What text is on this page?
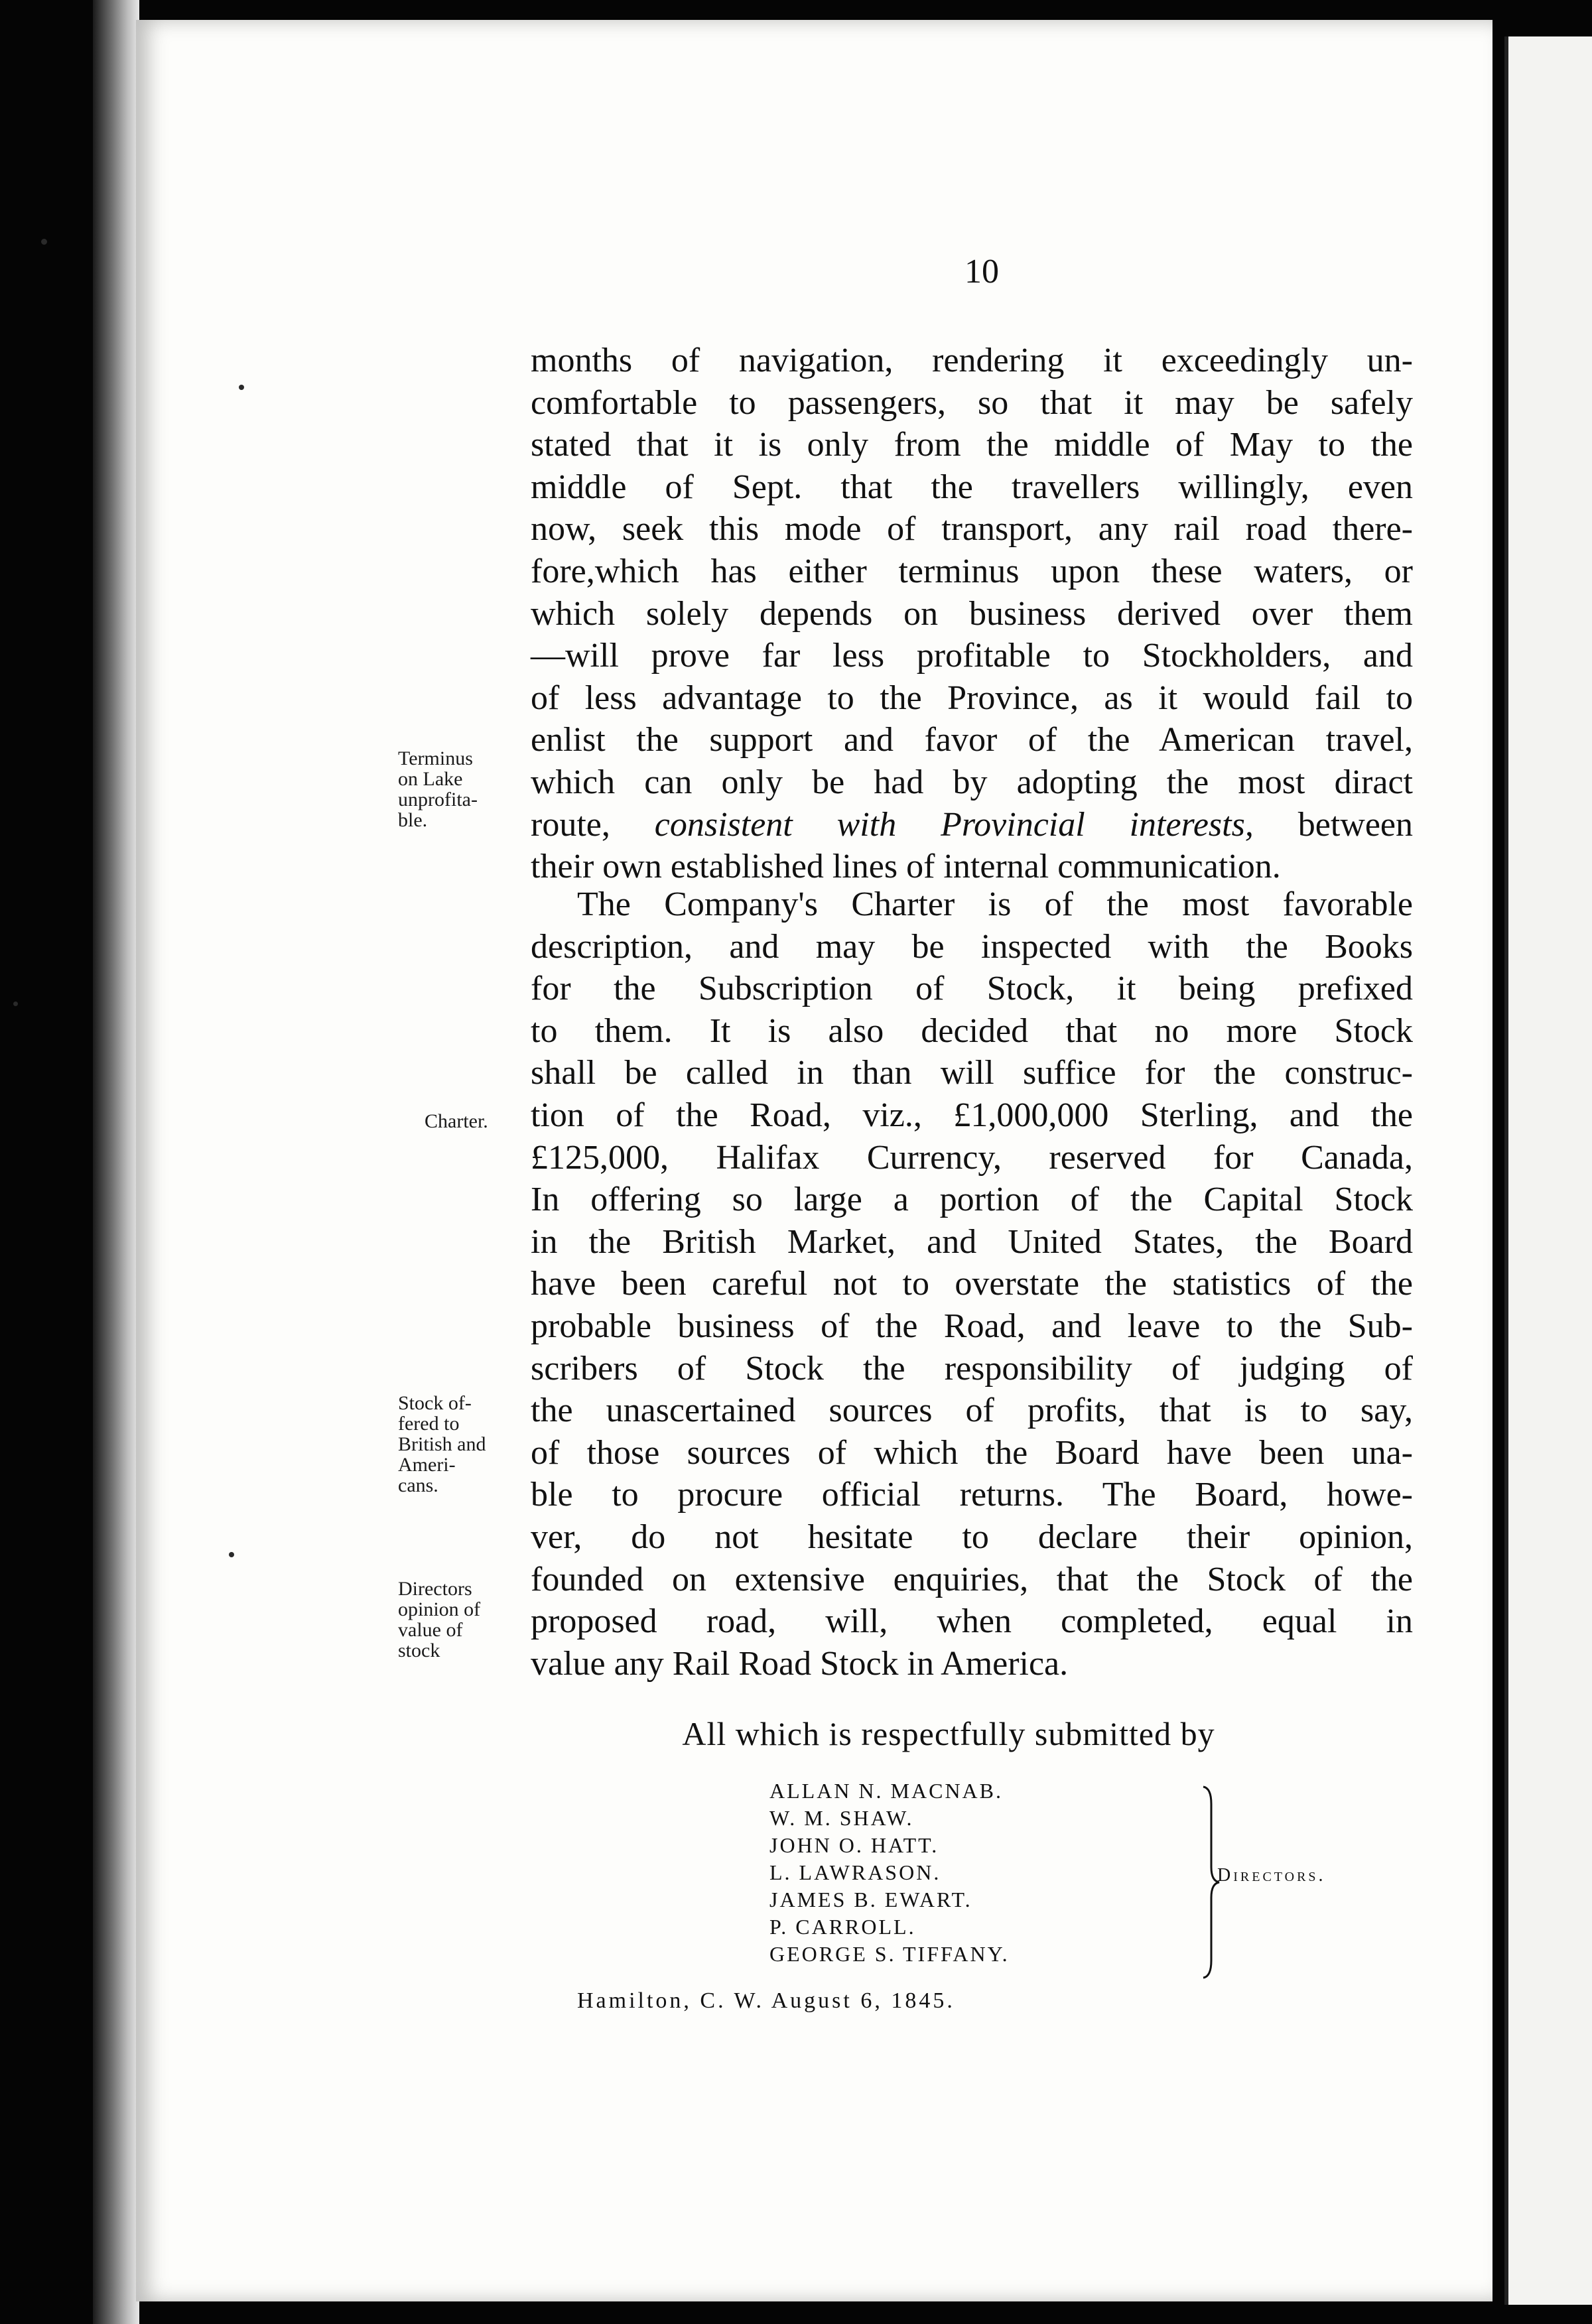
10
months of navigation, rendering it exceedingly un-
comfortable to passengers, so that it may be safely
stated that it is only from the middle of May to the
middle of Sept. that the travellers willingly, even
now, seek this mode of transport, any rail road there-
fore,which has either terminus upon these waters, or
which solely depends on business derived over them
—will prove far less profitable to Stockholders, and
of less advantage to the Province, as it would fail to
enlist the support and favor of the American travel,
which can only be had by adopting the most diract
route, consistent with Provincial interests, between
their own established lines of internal communication.
The Company's Charter is of the most favorable
description, and may be inspected with the Books
for the Subscription of Stock, it being prefixed
to them. It is also decided that no more Stock
shall be called in than will suffice for the construc-
tion of the Road, viz., £1,000,000 Sterling, and the
£125,000, Halifax Currency, reserved for Canada,
In offering so large a portion of the Capital Stock
in the British Market, and United States, the Board
have been careful not to overstate the statistics of the
probable business of the Road, and leave to the Sub-
scribers of Stock the responsibility of judging of
the unascertained sources of profits, that is to say,
of those sources of which the Board have been una-
ble to procure official returns. The Board, howe-
ver, do not hesitate to declare their opinion,
founded on extensive enquiries, that the Stock of the
proposed road, will, when completed, equal in
value any Rail Road Stock in America.
Terminus
on Lake
unprofita-
ble.
Charter.
Stock of-
fered to
British and
Ameri-
cans.
Directors
opinion of
value of
stock
All which is respectfully submitted by
ALLAN N. MACNAB.
W. M. SHAW.
JOHN O. HATT.
L. LAWRASON.
JAMES B. EWART.
P. CARROLL.
GEORGE S. TIFFANY.
Directors.
Hamilton, C. W. August 6, 1845.
